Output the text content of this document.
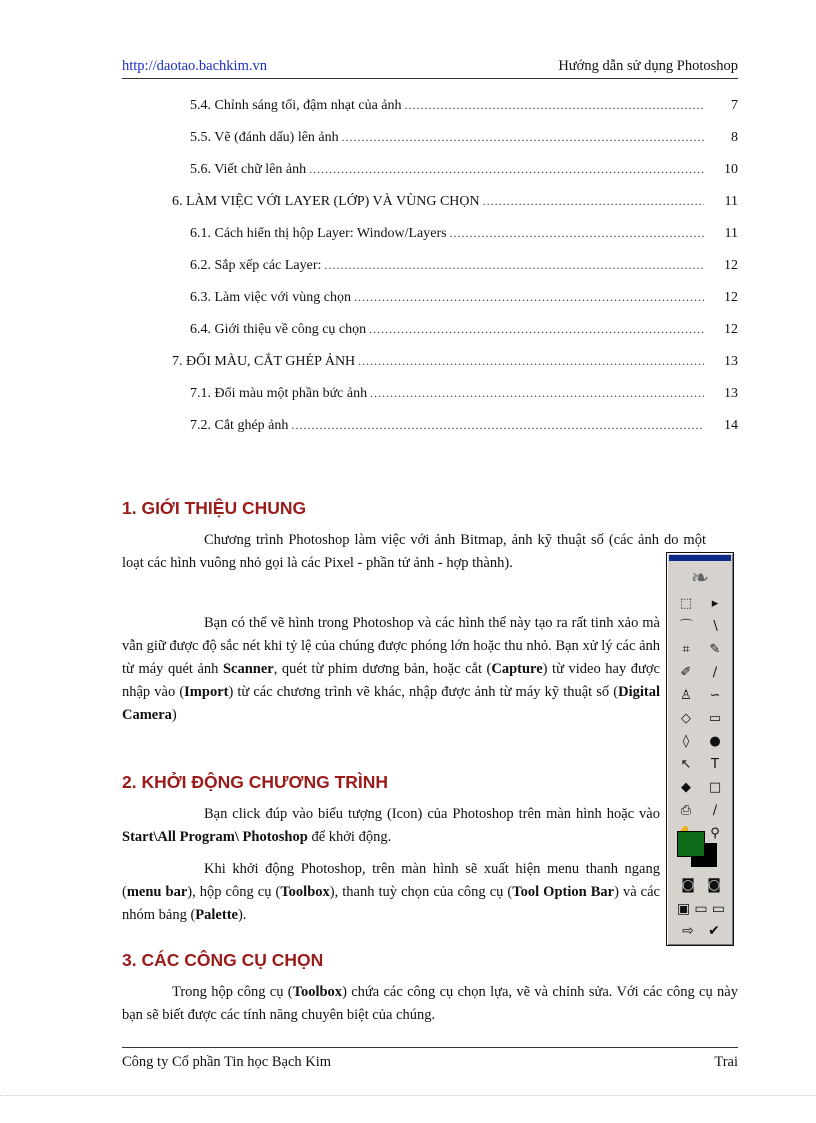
http://daotao.bachkim.vn	Hướng dẫn sử dụng Photoshop
5.4. Chỉnh sáng tối, đậm nhạt của ảnh .....	7
5.5. Vẽ (đánh dấu) lên ảnh .....	8
5.6. Viết chữ lên ảnh .....	10
6. LÀM VIỆC VỚI LAYER (LỚP) VÀ VÙNG CHỌN .....	11
6.1. Cách hiển thị hộp Layer: Window/Layers .....	11
6.2. Sắp xếp các Layer: .....	12
6.3. Làm việc với vùng chọn .....	12
6.4. Giới thiệu về công cụ chọn .....	12
7. ĐỔI MÀU, CẮT GHÉP ẢNH .....	13
7.1. Đổi màu một phần bức ảnh .....	13
7.2. Cắt ghép ảnh .....	14
1. GIỚI THIỆU CHUNG

Chương trình Photoshop làm việc với ảnh Bitmap, ảnh kỹ thuật số (các ảnh do một loạt các hình vuông nhỏ gọi là các Pixel - phần tử ảnh - hợp thành).

Bạn có thể vẽ hình trong Photoshop và các hình thể này tạo ra rất tinh xảo mà vẫn giữ được độ sắc nét khi tỷ lệ của chúng được phóng lớn hoặc thu nhỏ. Bạn xử lý các ảnh từ máy quét ảnh Scanner, quét từ phim dương bản, hoặc cắt (Capture) từ video hay được nhập vào (Import) từ các chương trình vẽ khác, nhập được ảnh từ máy kỹ thuật số (Digital Camera)

2. KHỞI ĐỘNG CHƯƠNG TRÌNH

Bạn click đúp vào biểu tượng (Icon) của Photoshop trên màn hình hoặc vào Start\All Program\ Photoshop để khởi động.

Khi khởi động Photoshop, trên màn hình sẽ xuất hiện menu thanh ngang (menu bar), hộp công cụ (Toolbox), thanh tuỳ chọn của công cụ (Tool Option Bar) và các nhóm bảng (Palette).

3. CÁC CÔNG CỤ CHỌN

Trong hộp công cụ (Toolbox) chứa các công cụ chọn lựa, vẽ và chỉnh sửa. Với các công cụ này bạn sẽ biết được các tính năng chuyên biệt của chúng.

❧
⬚	▸
⌒	∖
⌗	✎
✐	∕
♙	∽
◇	▭
◊	●
↖	T
◆	□
⎙	∕
⚲
◙ ◙
▣ ▭ ▭
⇨ ✔
Công ty Cổ phần Tin học Bạch Kim	Trai
